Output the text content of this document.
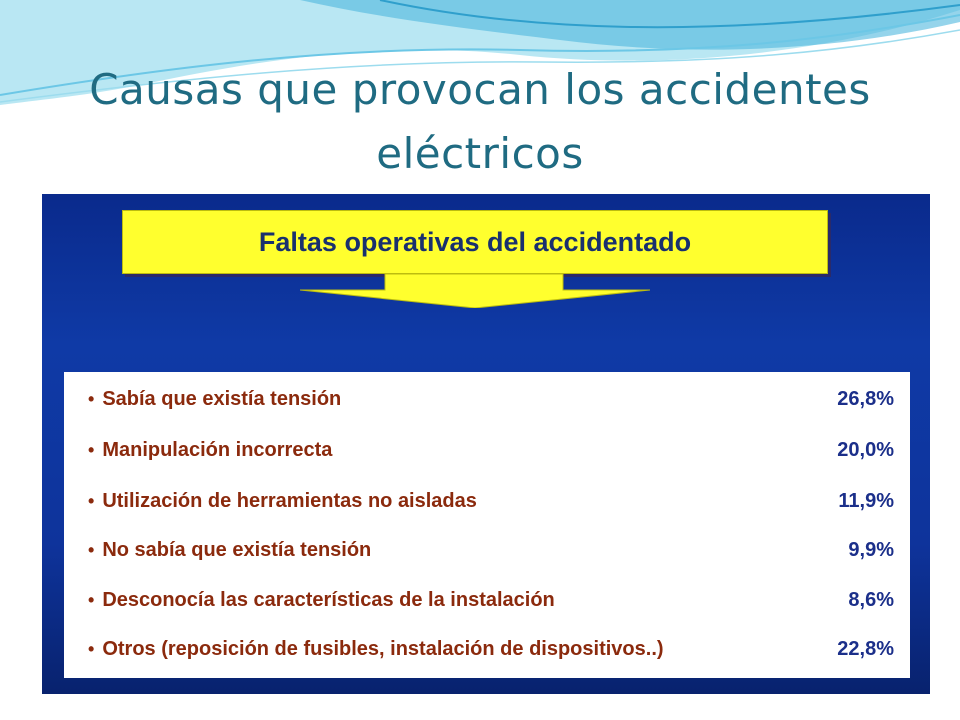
Causas que provocan los accidentes eléctricos
Faltas operativas del accidentado
• Sabía que existía tensión	26,8%
• Manipulación incorrecta	20,0%
• Utilización de herramientas no aisladas	11,9%
• No sabía que existía tensión	9,9%
• Desconocía las características de la instalación	8,6%
• Otros (reposición de fusibles, instalación de dispositivos..)	22,8%
